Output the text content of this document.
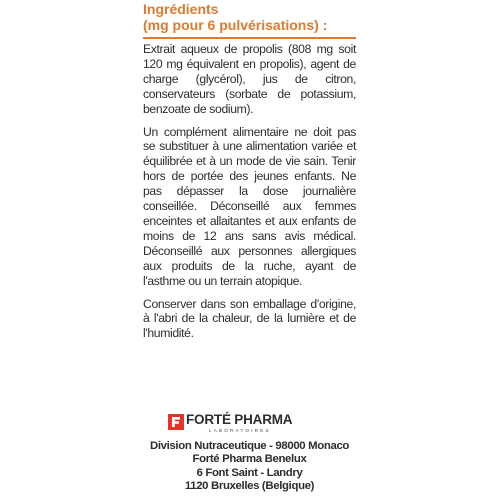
Ingrédients
(mg pour 6 pulvérisations) :

Extrait aqueux de propolis (808 mg soit 120 mg équivalent en propolis), agent de charge (glycérol), jus de citron, conservateurs (sorbate de potassium, benzoate de sodium).

Un complément alimentaire ne doit pas se substituer à une alimentation variée et équilibrée et à un mode de vie sain. Tenir hors de portée des jeunes enfants. Ne pas dépasser la dose journalière conseillée. Déconseillé aux femmes enceintes et allaitantes et aux enfants de moins de 12 ans sans avis médical. Déconseillé aux personnes allergiques aux produits de la ruche, ayant de l'asthme ou un terrain atopique.

Conserver dans son emballage d'origine, à l'abri de la chaleur, de la lumière et de l'humidité.

FORTÉ PHARMA
LABORATOIRES
Division Nutraceutique - 98000 Monaco
Forté Pharma Benelux
6 Font Saint - Landry
1120 Bruxelles (Belgique)
